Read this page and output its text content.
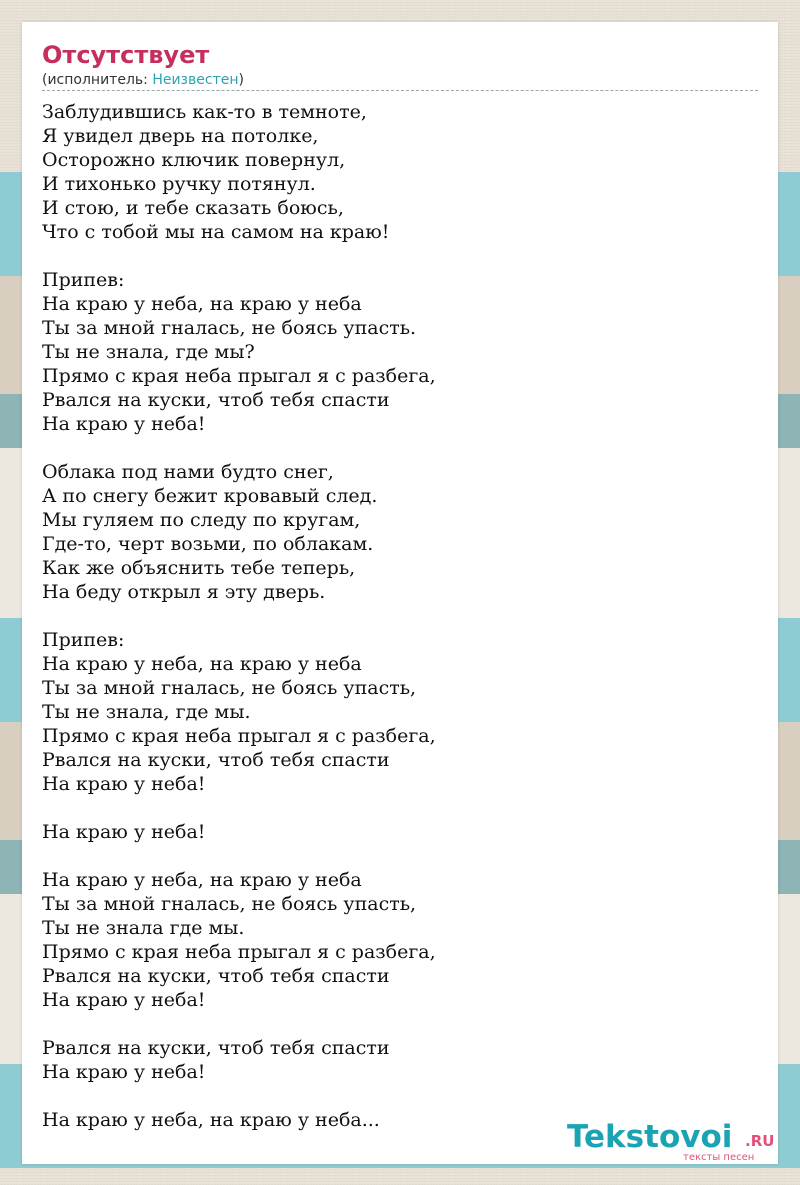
Отсутствует
(исполнитель: Неизвестен)
Заблудившись как-то в темноте,
Я увидел дверь на потолке,
Осторожно ключик повернул,
И тихонько ручку потянул.
И стою, и тебе сказать боюсь,
Что с тобой мы на самом на краю!
Припев:
На краю у неба, на краю у неба
Ты за мной гналась, не боясь упасть.
Ты не знала, где мы?
Прямо с края неба прыгал я с разбега,
Рвался на куски, чтоб тебя спасти
На краю у неба!
Облака под нами будто снег,
А по снегу бежит кровавый след.
Мы гуляем по следу по кругам,
Где-то, черт возьми, по облакам.
Как же объяснить тебе теперь,
На беду открыл я эту дверь.
Припев:
На краю у неба, на краю у неба
Ты за мной гналась, не боясь упасть,
Ты не знала, где мы.
Прямо с края неба прыгал я с разбега,
Рвался на куски, чтоб тебя спасти
На краю у неба!
На краю у неба!
На краю у неба, на краю у неба
Ты за мной гналась, не боясь упасть,
Ты не знала где мы.
Прямо с края неба прыгал я с разбега,
Рвался на куски, чтоб тебя спасти
На краю у неба!
Рвался на куски, чтоб тебя спасти
На краю у неба!
На краю у неба, на краю у неба...	Tekstovoi .RU
тексты песен
